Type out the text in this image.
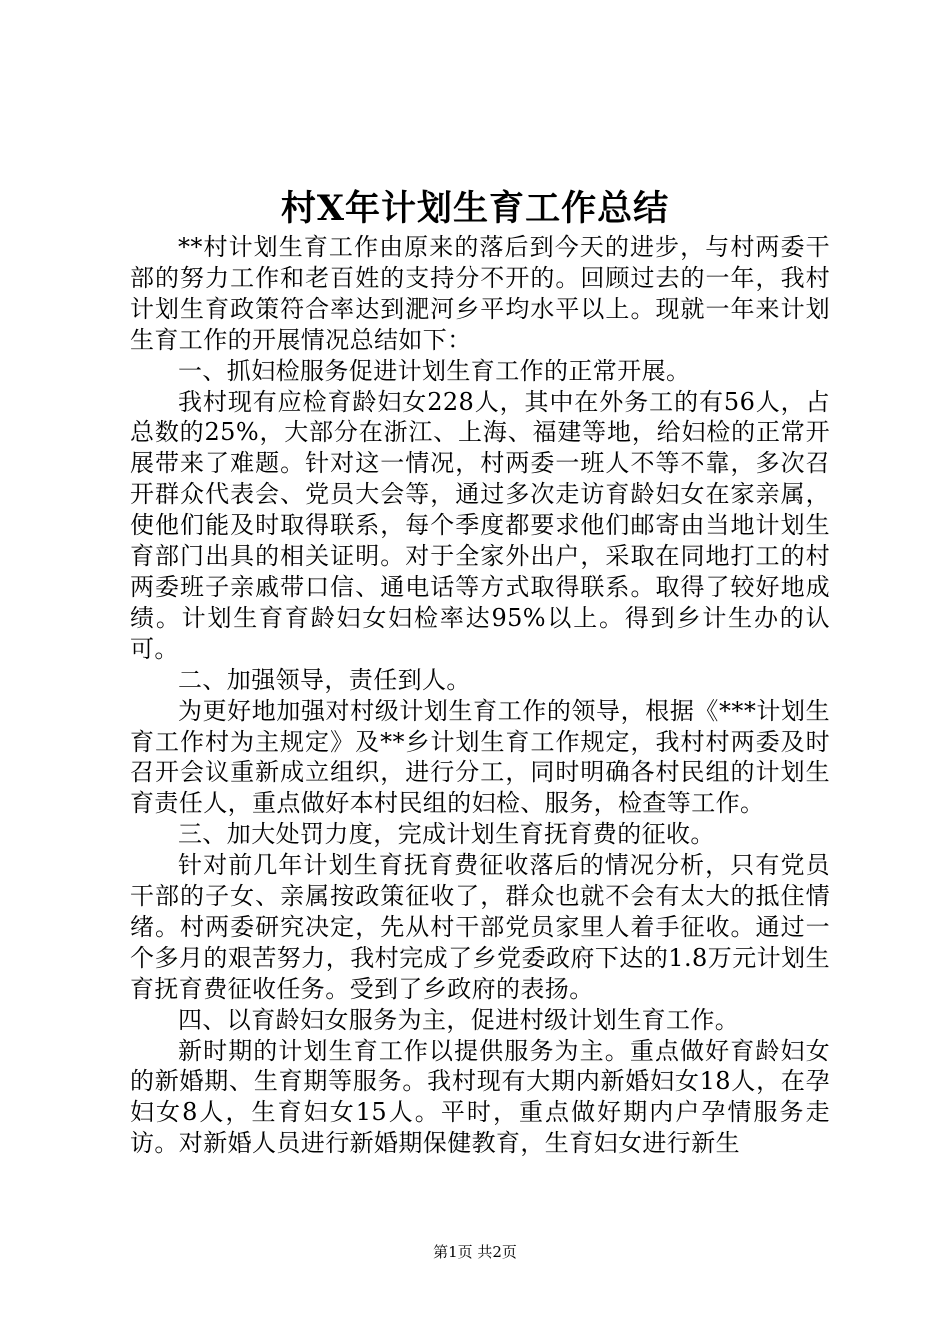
村X年计划生育工作总结

**村计划生育工作由原来的落后到今天的进步，与村两委干部的努力工作和老百姓的支持分不开的。回顾过去的一年，我村计划生育政策符合率达到淝河乡平均水平以上。现就一年来计划生育工作的开展情况总结如下：

一、抓妇检服务促进计划生育工作的正常开展。

我村现有应检育龄妇女228人，其中在外务工的有56人，占总数的25%，大部分在浙江、上海、福建等地，给妇检的正常开展带来了难题。针对这一情况，村两委一班人不等不靠，多次召开群众代表会、党员大会等，通过多次走访育龄妇女在家亲属，使他们能及时取得联系，每个季度都要求他们邮寄由当地计划生育部门出具的相关证明。对于全家外出户，采取在同地打工的村两委班子亲戚带口信、通电话等方式取得联系。取得了较好地成绩。计划生育育龄妇女妇检率达95%以上。得到乡计生办的认可。

二、加强领导，责任到人。

为更好地加强对村级计划生育工作的领导，根据《***计划生育工作村为主规定》及**乡计划生育工作规定，我村村两委及时召开会议重新成立组织，进行分工，同时明确各村民组的计划生育责任人，重点做好本村民组的妇检、服务，检查等工作。

三、加大处罚力度，完成计划生育抚育费的征收。

针对前几年计划生育抚育费征收落后的情况分析，只有党员干部的子女、亲属按政策征收了，群众也就不会有太大的抵住情绪。村两委研究决定，先从村干部党员家里人着手征收。通过一个多月的艰苦努力，我村完成了乡党委政府下达的1.8万元计划生育抚育费征收任务。受到了乡政府的表扬。

四、以育龄妇女服务为主，促进村级计划生育工作。

新时期的计划生育工作以提供服务为主。重点做好育龄妇女的新婚期、生育期等服务。我村现有大期内新婚妇女18人，在孕妇女8人，生育妇女15人。平时，重点做好期内户孕情服务走访。对新婚人员进行新婚期保健教育，生育妇女进行新生

第1页 共2页
